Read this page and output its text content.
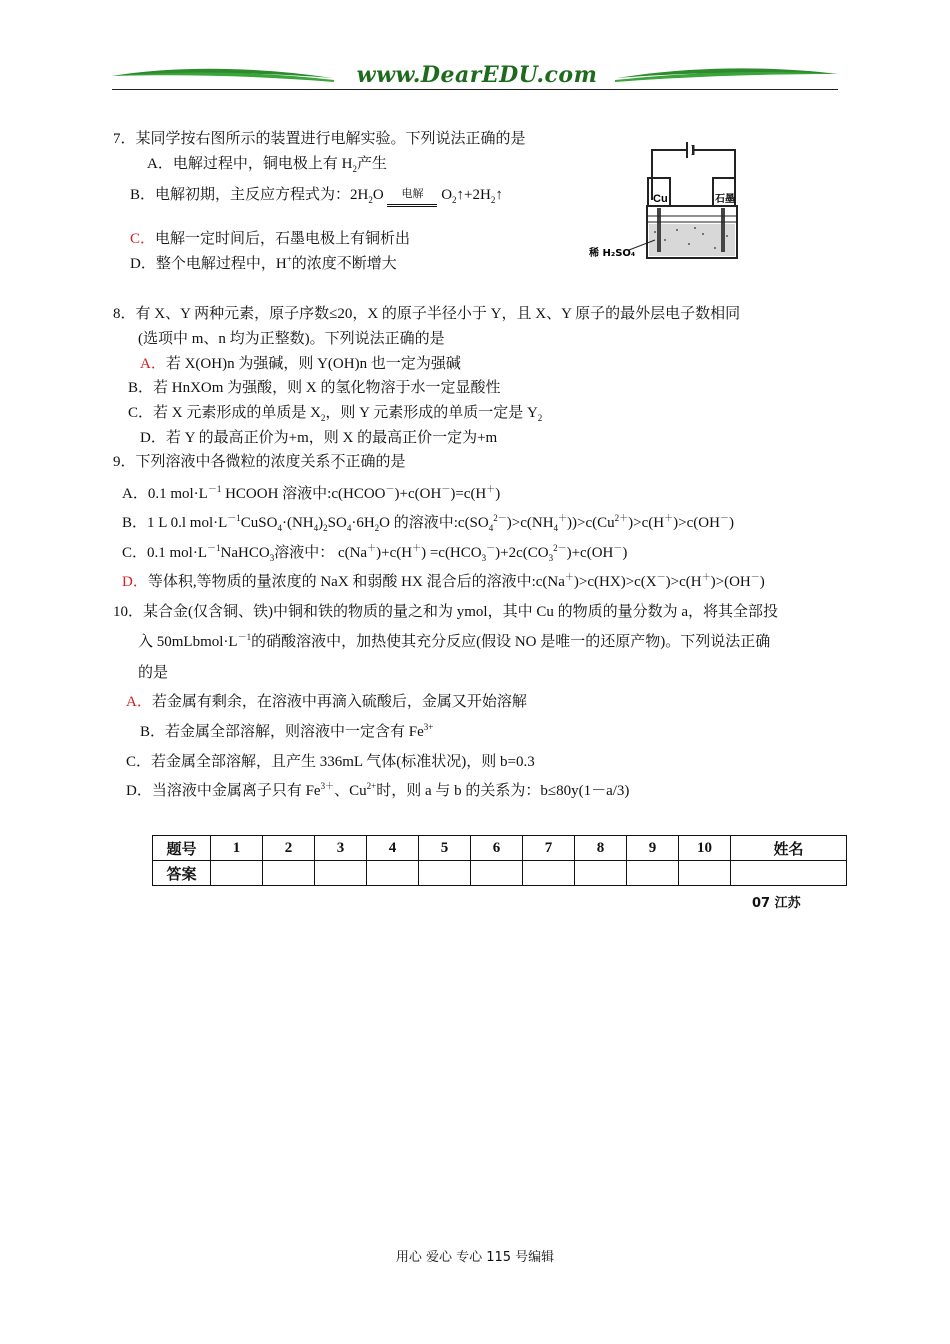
www.DearEDU.com
7．某同学按右图所示的装置进行电解实验。下列说法正确的是
A．电解过程中，铜电极上有 $H_2$产生
B．电解初期，主反应方程式为：$2H_2O$ 电解 $O_2↑+2H_2↑$
C．电解一定时间后，石墨电极上有铜析出
D．整个电解过程中，H+的浓度不断增大
Cu	石墨
稀 H₂SO₄
8．有 X、Y 两种元素，原子序数≤20，X 的原子半径小于 Y，且 X、Y 原子的最外层电子数相同
(选项中 m、n 均为正整数)。下列说法正确的是
A．若 X(OH)n 为强碱，则 Y(OH)n 也一定为强碱
B．若 HnXOm 为强酸，则 X 的氢化物溶于水一定显酸性
C．若 X 元素形成的单质是 $X_2$，则 Y 元素形成的单质一定是 $Y_2$
D．若 Y 的最高正价为+m，则 X 的最高正价一定为+m
9．下列溶液中各微粒的浓度关系不正确的是
A．0.1 $mol\cdot L^{-1}$ HCOOH 溶液中:c(HCOO－)+c(OH－)=c(H＋)
B．1 L 0.l $mol\cdot L^{-1}CuSO_4\cdot(NH_4)_2SO_4\cdot 6H_2O$ 的溶液中$:c(SO_4^{2-})>c(NH_4^+))>c(Cu^{2+})>c(H^+)>c(OH^-)$
C．0.1 $mol\cdot L^{-1}NaHCO_3$溶液中： $c(Na^+)+c(H^+) =c(HCO_3^-)+2c(CO_3^{2-})+c(OH^-)$
D．等体积,等物质的量浓度的 NaX 和弱酸 HX 混合后的溶液中:c(Na＋)>c(HX)>c(X－)>c(H＋)>(OH－)
10．某合金(仅含铜、铁)中铜和铁的物质的量之和为 ymol，其中 Cu 的物质的量分数为 a，将其全部投
入 $50mLbmol\cdot L^{-1}$的硝酸溶液中，加热使其充分反应(假设 NO 是唯一的还原产物)。下列说法正确
的是
A．若金属有剩余，在溶液中再滴入硫酸后，金属又开始溶解
B．若金属全部溶解，则溶液中一定含有 $Fe^{3+}$
C．若金属全部溶解，且产生 336mL 气体(标准状况)，则 b=0.3
D．当溶液中金属离子只有 $Fe^{3+}$、$Cu^{2+}$时，则 a 与 b 的关系为：b≤80y(1－a/3)
题号	1	2	3	4	5	6	7	8	9	10	姓名
答案											
07 江苏
用心 爱心 专心 115 号编辑
